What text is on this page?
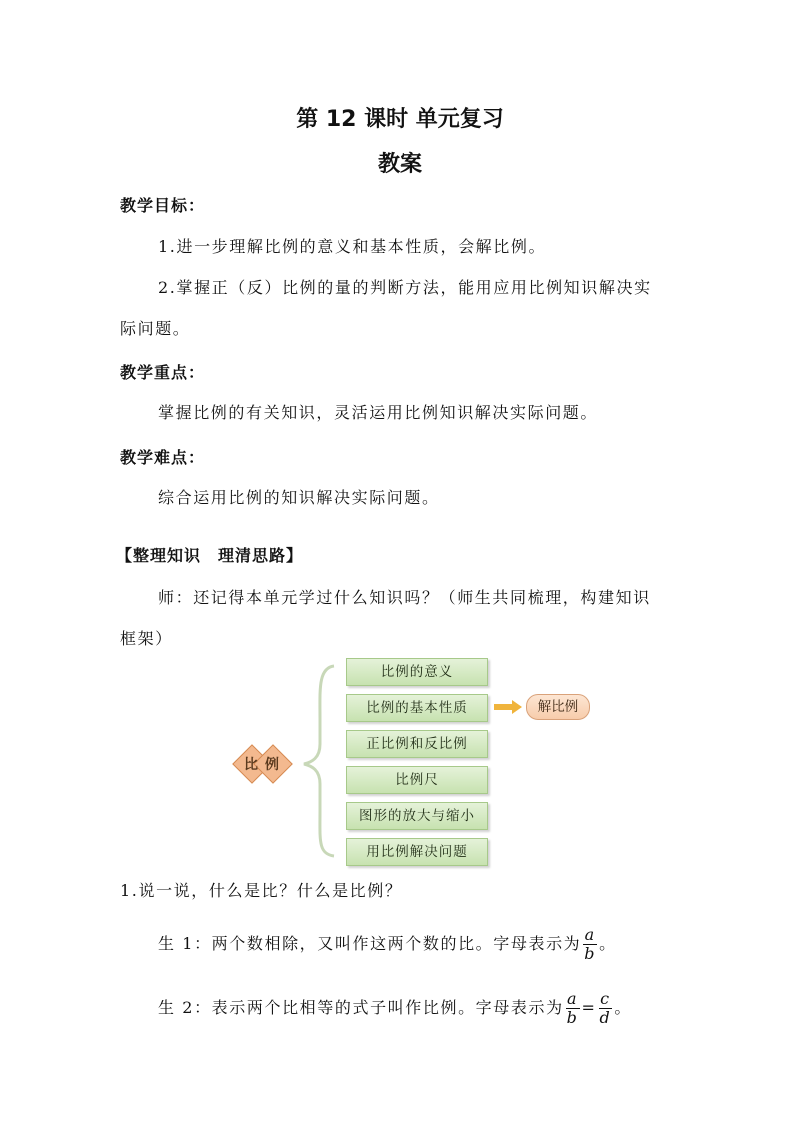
第 12 课时 单元复习
教案
教学目标：
1.进一步理解比例的意义和基本性质，会解比例。
2.掌握正（反）比例的量的判断方法，能用应用比例知识解决实
际问题。
教学重点：
掌握比例的有关知识，灵活运用比例知识解决实际问题。
教学难点：
综合运用比例的知识解决实际问题。
【整理知识　理清思路】
师：还记得本单元学过什么知识吗？（师生共同梳理，构建知识
框架）
比 例
比例的意义
比例的基本性质
正比例和反比例
比例尺
图形的放大与缩小
用比例解决问题
解比例
1.说一说，什么是比？什么是比例？
生 1：两个数相除，又叫作这两个数的比。字母表示为 $\frac{a}{b}$ 。
生 2：表示两个比相等的式子叫作比例。字母表示为 $\frac{a}{b} = \frac{c}{d}$ 。
